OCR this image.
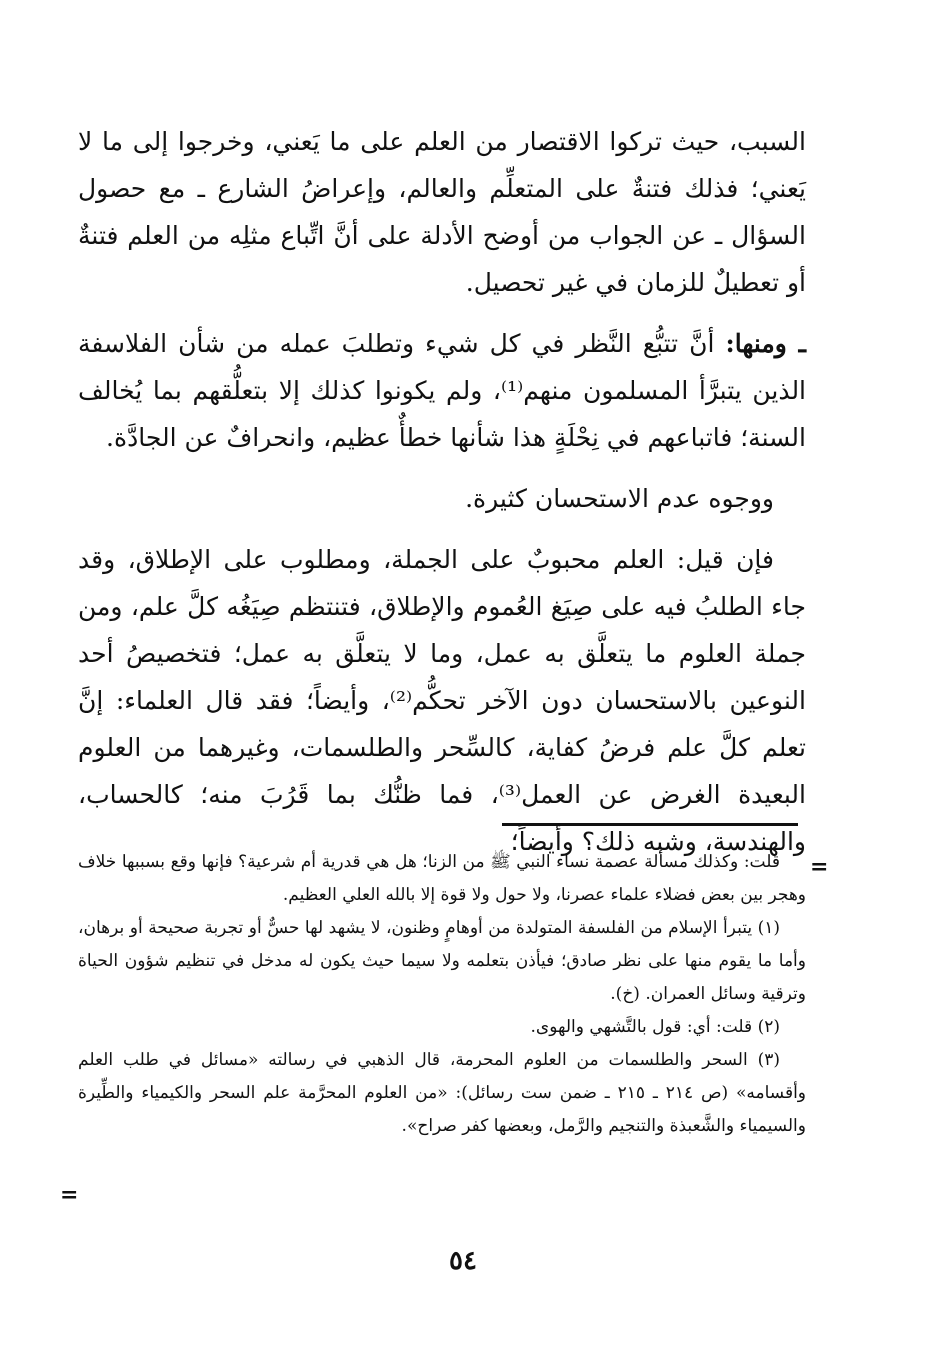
السبب، حيث تركوا الاقتصار من العلم على ما يَعني، وخرجوا إلى ما لا يَعني؛ فذلك فتنةٌ على المتعلِّم والعالم، وإعراضُ الشارع ـ مع حصول السؤال ـ عن الجواب من أوضح الأدلة على أنَّ اتِّباع مثلِه من العلم فتنةٌ أو تعطيلٌ للزمان في غير تحصيل.

ـ ومنها: أنَّ تتبُّع النَّظر في كل شيء وتطلبَ عمله من شأن الفلاسفة الذين يتبرَّأ المسلمون منهم⁽¹⁾، ولم يكونوا كذلك إلا بتعلُّقهم بما يُخالف السنة؛ فاتباعهم في نِحْلَةٍ هذا شأنها خطأٌ عظيم، وانحرافٌ عن الجادَّة.

ووجوه عدم الاستحسان كثيرة.

فإن قيل: العلم محبوبٌ على الجملة، ومطلوب على الإطلاق، وقد جاء الطلبُ فيه على صِيَغ العُموم والإطلاق، فتنتظم صِيَغُه كلَّ علم، ومن جملة العلوم ما يتعلَّق به عمل، وما لا يتعلَّق به عمل؛ فتخصيصُ أحد النوعين بالاستحسان دون الآخر تحكُّم⁽²⁾، وأيضاً؛ فقد قال العلماء: إنَّ تعلم كلَّ علم فرضُ كفاية، كالسِّحر والطلسمات، وغيرهما من العلوم البعيدة الغرض عن العمل⁽³⁾، فما ظنُّك بما قَرُبَ منه؛ كالحساب، والهندسة، وشبه ذلك؟ وأيضاً؛

=

قلت: وكذلك مسألة عصمة نساء النبي ﷺ من الزنا؛ هل هي قدرية أم شرعية؟ فإنها وقع بسببها خلاف وهجر بين بعض فضلاء علماء عصرنا، ولا حول ولا قوة إلا بالله العلي العظيم.

(١) يتبرأ الإسلام من الفلسفة المتولدة من أوهامٍ وظنون، لا يشهد لها حسٌّ أو تجربة صحيحة أو برهان، وأما ما يقوم منها على نظر صادق؛ فيأذن بتعلمه ولا سيما حيث يكون له مدخل في تنظيم شؤون الحياة وترقية وسائل العمران. (خ).

(٢) قلت: أي: قول بالتَّشهي والهوى.

(٣) السحر والطلسمات من العلوم المحرمة، قال الذهبي في رسالته «مسائل في طلب العلم وأقسامه» (ص ٢١٤ ـ ٢١٥ ـ ضمن ست رسائل): «من العلوم المحرَّمة علم السحر والكيمياء والطِّيرة والسيمياء والشَّعبذة والتنجيم والرَّمل، وبعضها كفر صراح».

=
٥٤
